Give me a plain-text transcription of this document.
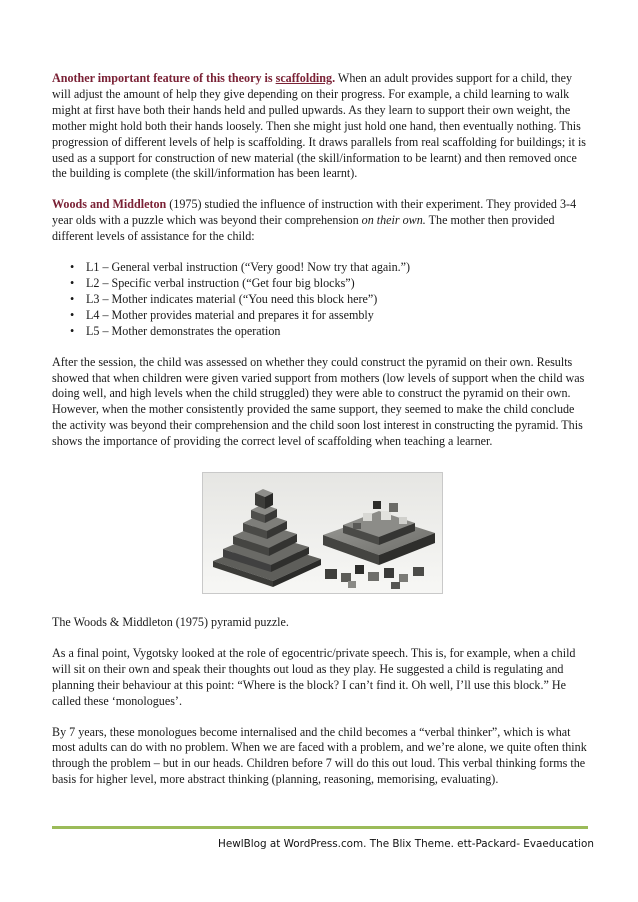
Another important feature of this theory is scaffolding. When an adult provides support for a child, they will adjust the amount of help they give depending on their progress. For example, a child learning to walk might at first have both their hands held and pulled upwards. As they learn to support their own weight, the mother might hold both their hands loosely. Then she might just hold one hand, then eventually nothing. This progression of different levels of help is scaffolding. It draws parallels from real scaffolding for buildings; it is used as a support for construction of new material (the skill/information to be learnt) and then removed once the building is complete (the skill/information has been learnt).

Woods and Middleton (1975) studied the influence of instruction with their experiment. They provided 3-4 year olds with a puzzle which was beyond their comprehension on their own. The mother then provided different levels of assistance for the child:

• L1 – General verbal instruction (“Very good! Now try that again.”)
• L2 – Specific verbal instruction (“Get four big blocks”)
• L3 – Mother indicates material (“You need this block here”)
• L4 – Mother provides material and prepares it for assembly
• L5 – Mother demonstrates the operation

After the session, the child was assessed on whether they could construct the pyramid on their own. Results showed that when children were given varied support from mothers (low levels of support when the child was doing well, and high levels when the child struggled) they were able to construct the pyramid on their own. However, when the mother consistently provided the same support, they seemed to make the child conclude the activity was beyond their comprehension and the child soon lost interest in constructing the pyramid. This shows the importance of providing the correct level of scaffolding when teaching a learner.

The Woods & Middleton (1975) pyramid puzzle.

As a final point, Vygotsky looked at the role of egocentric/private speech. This is, for example, when a child will sit on their own and speak their thoughts out loud as they play. He suggested a child is regulating and planning their behaviour at this point: “Where is the block? I can’t find it. Oh well, I’ll use this block.” He called these ‘monologues’.

By 7 years, these monologues become internalised and the child becomes a “verbal thinker”, which is what most adults can do with no problem. When we are faced with a problem, and we’re alone, we quite often think through the problem – but in our heads. Children before 7 will do this out loud. This verbal thinking forms the basis for higher level, more abstract thinking (planning, reasoning, memorising, evaluating).

HewlBlog at WordPress.com. The Blix Theme. ett-Packard- Evaeducation
